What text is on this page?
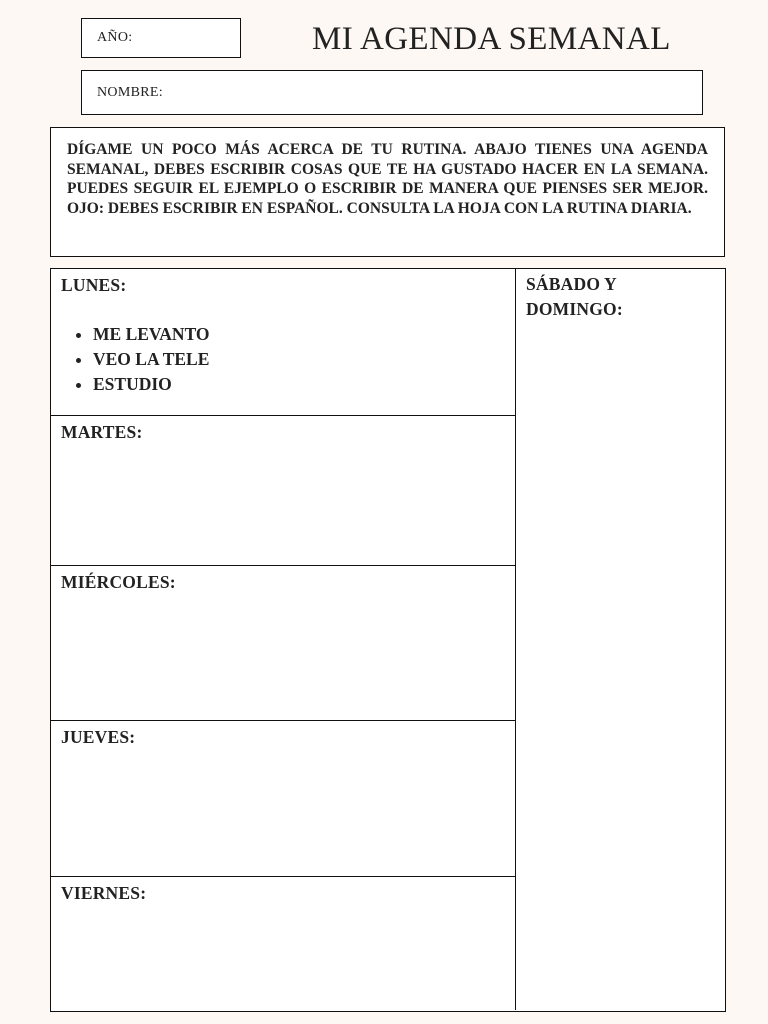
AÑO:	MI AGENDA SEMANAL
NOMBRE:

DÍGAME UN POCO MÁS ACERCA DE TU RUTINA. ABAJO TIENES UNA AGENDA SEMANAL, DEBES ESCRIBIR COSAS QUE TE HA GUSTADO HACER EN LA SEMANA. PUEDES SEGUIR EL EJEMPLO O ESCRIBIR DE MANERA QUE PIENSES SER MEJOR. OJO: DEBES ESCRIBIR EN ESPAÑOL. CONSULTA LA HOJA CON LA RUTINA DIARIA.

LUNES:
• ME LEVANTO
• VEO LA TELE
• ESTUDIO
MARTES:
MIÉRCOLES:
JUEVES:
VIERNES:
SÁBADO Y DOMINGO:
